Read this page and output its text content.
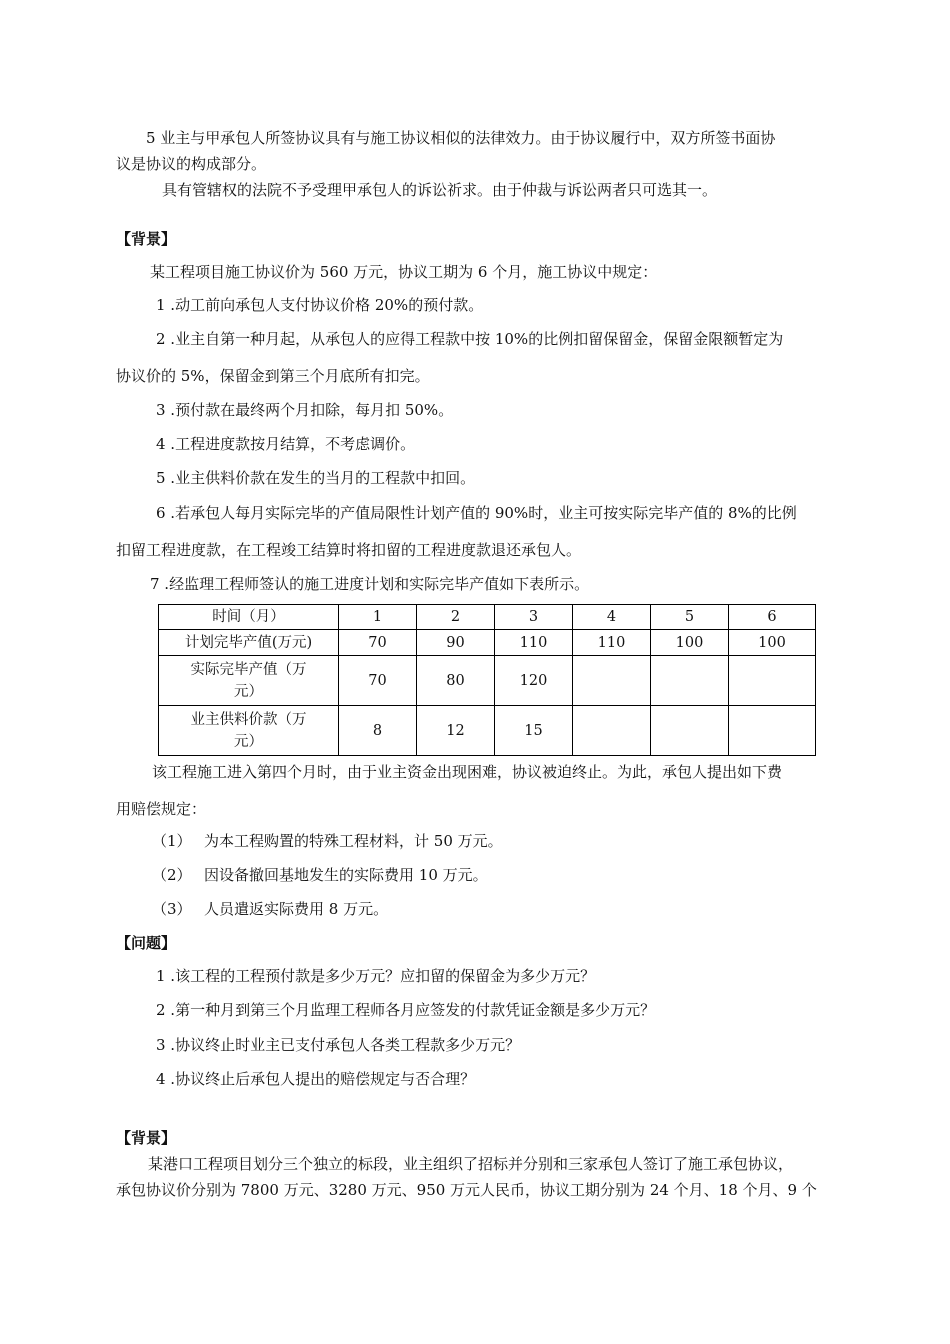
5 业主与甲承包人所签协议具有与施工协议相似的法律效力。由于协议履行中，双方所签书面协
议是协议的构成部分。
具有管辖权的法院不予受理甲承包人的诉讼祈求。由于仲裁与诉讼两者只可选其一。
【背景】
某工程项目施工协议价为 560 万元，协议工期为 6 个月，施工协议中规定：
1 .动工前向承包人支付协议价格 20%的预付款。
2 .业主自第一种月起，从承包人的应得工程款中按 10%的比例扣留保留金，保留金限额暂定为
协议价的 5%，保留金到第三个月底所有扣完。
3 .预付款在最终两个月扣除，每月扣 50%。
4 .工程进度款按月结算，不考虑调价。
5 .业主供料价款在发生的当月的工程款中扣回。
6 .若承包人每月实际完毕的产值局限性计划产值的 90%时，业主可按实际完毕产值的 8%的比例
扣留工程进度款，在工程竣工结算时将扣留的工程进度款退还承包人。
7 .经监理工程师签认的施工进度计划和实际完毕产值如下表所示。
时间（月）	1	2	3	4	5	6
计划完毕产值(万元)	70	90	110	110	100	100
实际完毕产值（万
元）	70	80	120			
业主供料价款（万
元）	8	12	15			
该工程施工进入第四个月时，由于业主资金出现困难，协议被迫终止。为此，承包人提出如下费
用赔偿规定：
（1） 为本工程购置的特殊工程材料，计 50 万元。
（2） 因设备撤回基地发生的实际费用 10 万元。
（3） 人员遣返实际费用 8 万元。
【问题】
1 .该工程的工程预付款是多少万元？应扣留的保留金为多少万元？
2 .第一种月到第三个月监理工程师各月应签发的付款凭证金额是多少万元？
3 .协议终止时业主已支付承包人各类工程款多少万元？
4 .协议终止后承包人提出的赔偿规定与否合理？
【背景】
某港口工程项目划分三个独立的标段，业主组织了招标并分别和三家承包人签订了施工承包协议，
承包协议价分别为 7800 万元、3280 万元、950 万元人民币，协议工期分别为 24 个月、18 个月、9 个
